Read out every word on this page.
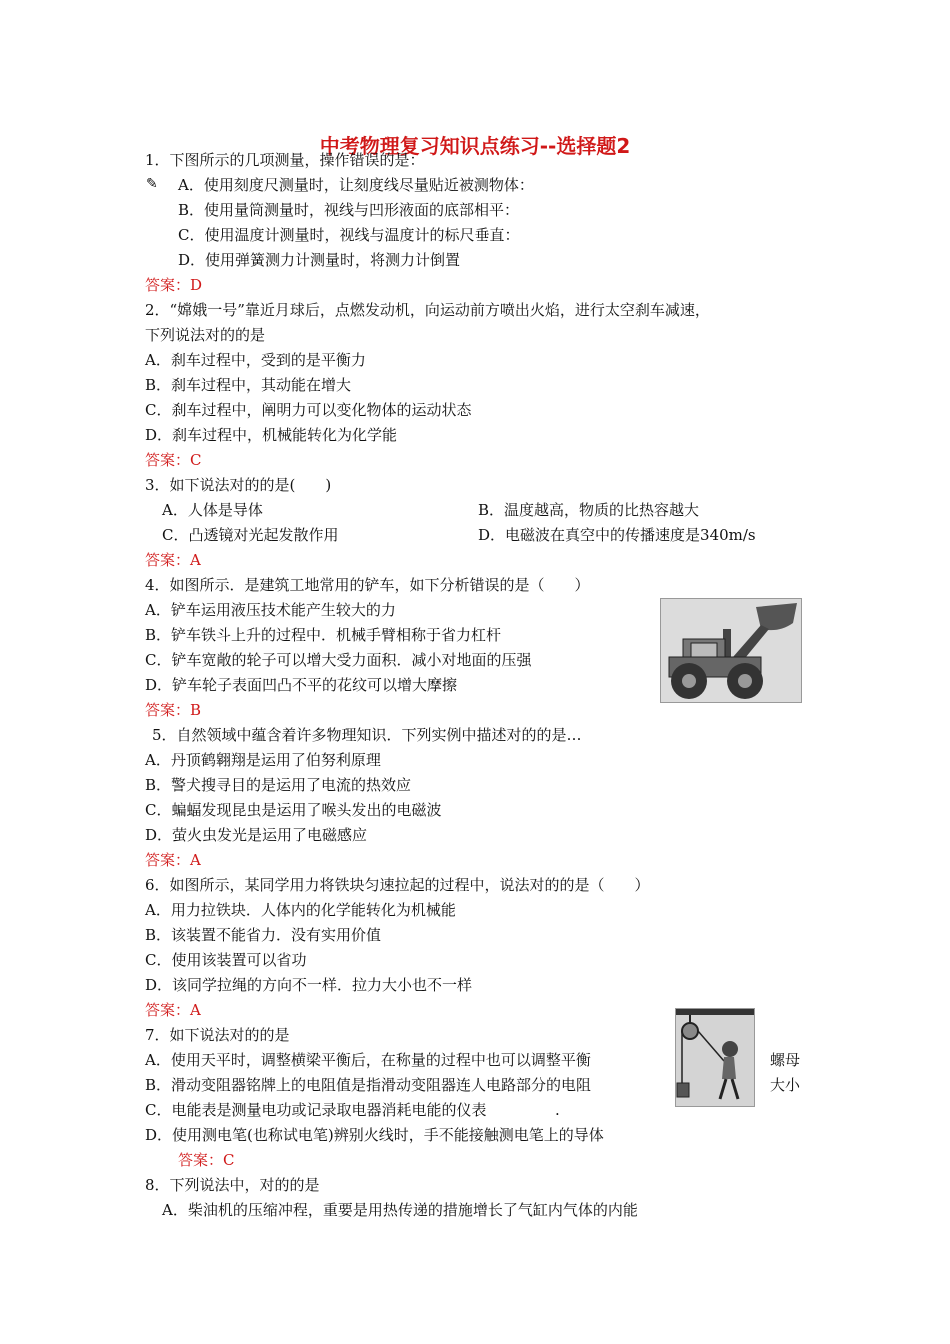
中考物理复习知识点练习--选择题2
1．下图所示的几项测量，操作错误的是：
✎ A．使用刻度尺测量时，让刻度线尽量贴近被测物体：
B．使用量筒测量时，视线与凹形液面的底部相平：
C．使用温度计测量时，视线与温度计的标尺垂直：
D．使用弹簧测力计测量时，将测力计倒置
答案：D
2．“嫦娥一号”靠近月球后，点燃发动机，向运动前方喷出火焰，进行太空刹车减速，
下列说法对的的是
A．刹车过程中，受到的是平衡力
B．刹车过程中，其动能在增大
C．刹车过程中，阐明力可以变化物体的运动状态
D．刹车过程中，机械能转化为化学能
答案：C
3．如下说法对的的是(　　)
A．人体是导体	B．温度越高，物质的比热容越大
C．凸透镜对光起发散作用	D．电磁波在真空中的传播速度是340m/s
答案：A
4．如图所示．是建筑工地常用的铲车，如下分析错误的是（　　）
A．铲车运用液压技术能产生较大的力
B．铲车铁斗上升的过程中．机械手臂相称于省力杠杆
C．铲车宽敞的轮子可以增大受力面积．减小对地面的压强
D．铲车轮子表面凹凸不平的花纹可以增大摩擦
答案：B
5．自然领域中蕴含着许多物理知识．下列实例中描述对的的是…
A．丹顶鹤翱翔是运用了伯努利原理
B．警犬搜寻目的是运用了电流的热效应
C．蝙蝠发现昆虫是运用了喉头发出的电磁波
D．萤火虫发光是运用了电磁感应
答案：A
6．如图所示，某同学用力将铁块匀速拉起的过程中，说法对的的是（　　）
A．用力拉铁块．人体内的化学能转化为机械能
B．该装置不能省力．没有实用价值
C．使用该装置可以省功
D．该同学拉绳的方向不一样．拉力大小也不一样
答案：A
7．如下说法对的的是
A．使用天平时，调整横梁平衡后，在称量的过程中也可以调整平衡	螺母
B．滑动变阻器铭牌上的电阻值是指滑动变阻器连人电路部分的电阻	大小
C．电能表是测量电功或记录取电器消耗电能的仪表	.
D．使用测电笔(也称试电笔)辨别火线时，手不能接触测电笔上的导体
答案：C
8．下列说法中，对的的是
A．柴油机的压缩冲程，重要是用热传递的措施增长了气缸内气体的内能
